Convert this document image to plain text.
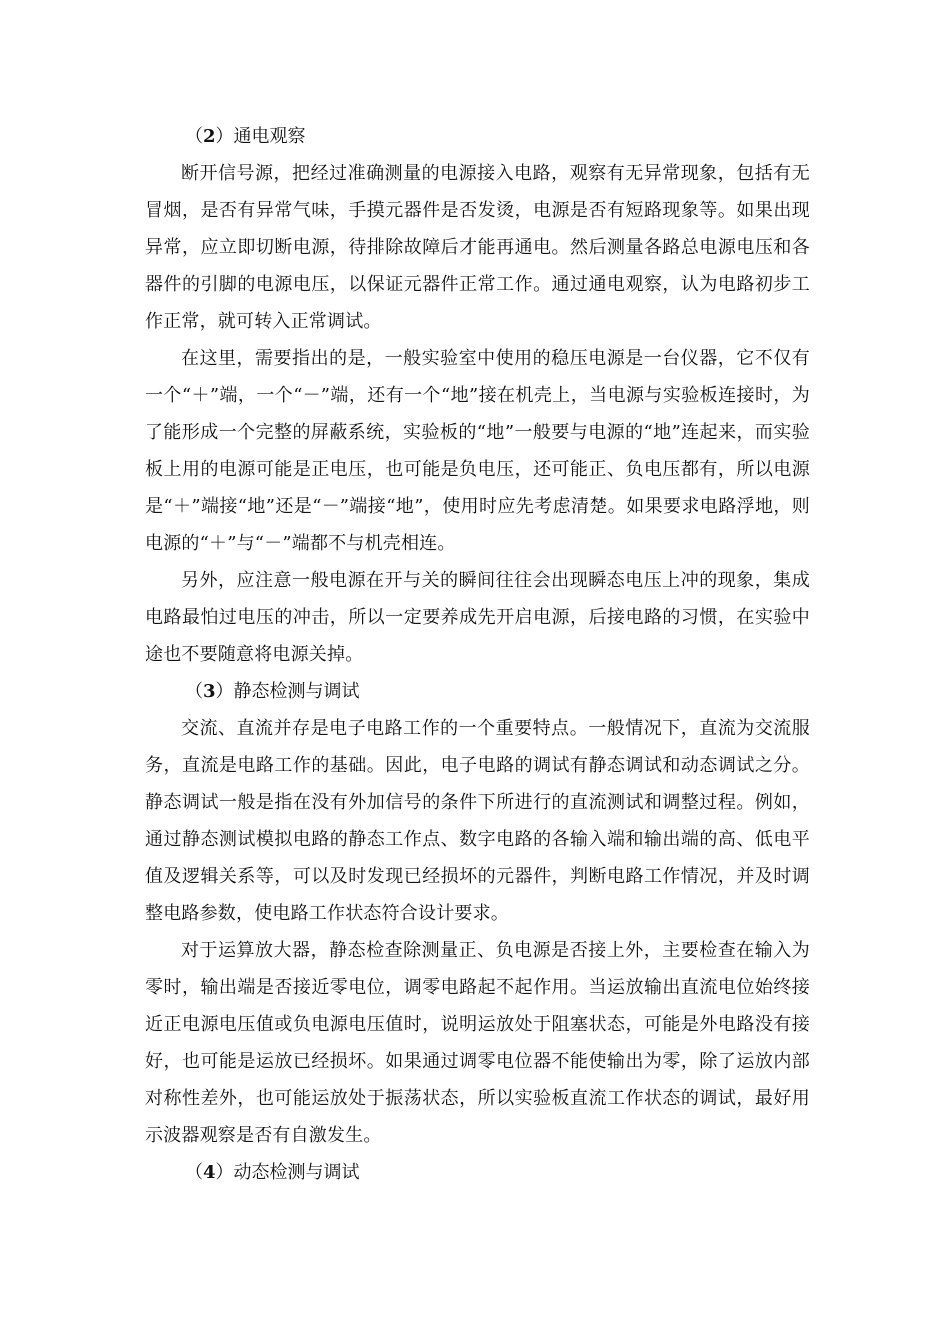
（2）通电观察

断开信号源，把经过准确测量的电源接入电路，观察有无异常现象，包括有无冒烟，是否有异常气味，手摸元器件是否发烫，电源是否有短路现象等。如果出现异常，应立即切断电源，待排除故障后才能再通电。然后测量各路总电源电压和各器件的引脚的电源电压，以保证元器件正常工作。通过通电观察，认为电路初步工作正常，就可转入正常调试。

在这里，需要指出的是，一般实验室中使用的稳压电源是一台仪器，它不仅有一个“＋”端，一个“－”端，还有一个“地”接在机壳上，当电源与实验板连接时，为了能形成一个完整的屏蔽系统，实验板的“地”一般要与电源的“地”连起来，而实验板上用的电源可能是正电压，也可能是负电压，还可能正、负电压都有，所以电源是“＋”端接“地”还是“－”端接“地”，使用时应先考虑清楚。如果要求电路浮地，则电源的“＋”与“－”端都不与机壳相连。

另外，应注意一般电源在开与关的瞬间往往会出现瞬态电压上冲的现象，集成电路最怕过电压的冲击，所以一定要养成先开启电源，后接电路的习惯，在实验中途也不要随意将电源关掉。

（3）静态检测与调试

交流、直流并存是电子电路工作的一个重要特点。一般情况下，直流为交流服务，直流是电路工作的基础。因此，电子电路的调试有静态调试和动态调试之分。静态调试一般是指在没有外加信号的条件下所进行的直流测试和调整过程。例如，通过静态测试模拟电路的静态工作点、数字电路的各输入端和输出端的高、低电平值及逻辑关系等，可以及时发现已经损坏的元器件，判断电路工作情况，并及时调整电路参数，使电路工作状态符合设计要求。

对于运算放大器，静态检查除测量正、负电源是否接上外，主要检查在输入为零时，输出端是否接近零电位，调零电路起不起作用。当运放输出直流电位始终接近正电源电压值或负电源电压值时，说明运放处于阻塞状态，可能是外电路没有接好，也可能是运放已经损坏。如果通过调零电位器不能使输出为零，除了运放内部对称性差外，也可能运放处于振荡状态，所以实验板直流工作状态的调试，最好用示波器观察是否有自激发生。

（4）动态检测与调试
